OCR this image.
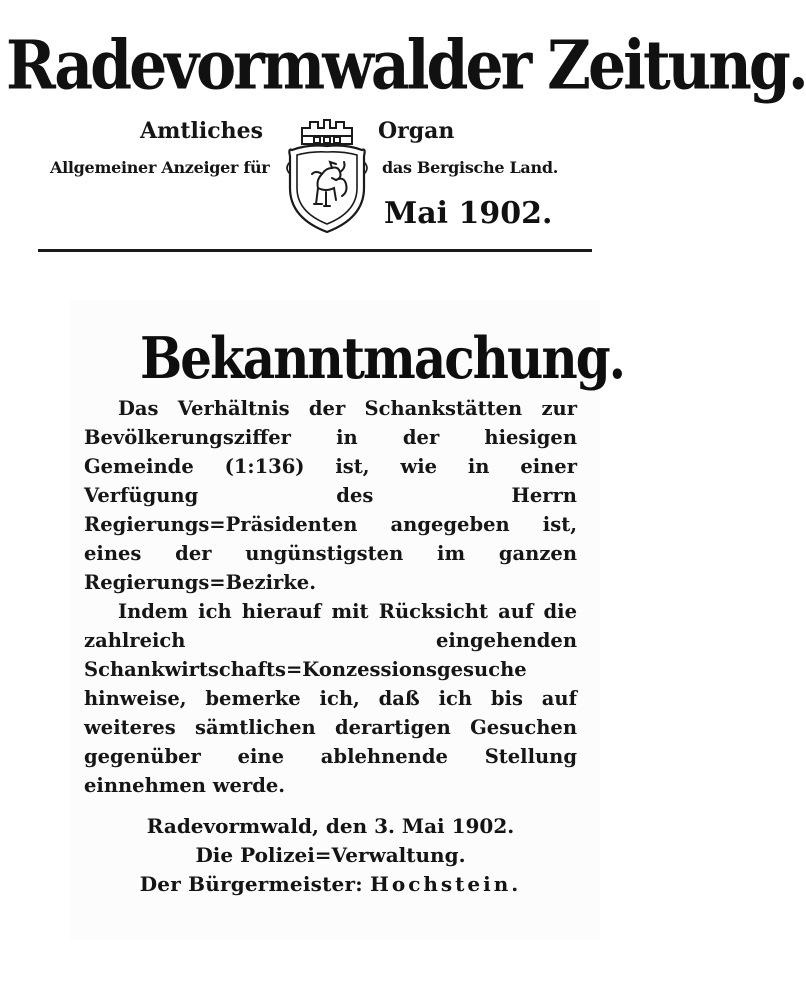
Radevormwalder Zeitung.
Amtliches	Organ
Allgemeiner Anzeiger für	das Bergische Land.
Mai 1902.
Bekanntmachung.

Das Verhältnis der Schankstätten zur Bevölkerungsziffer in der hiesigen Gemeinde (1:136) ist, wie in einer Verfügung des Herrn Regierungs=Präsidenten angegeben ist, eines der ungünstigsten im ganzen Regierungs=Bezirke.

Indem ich hierauf mit Rücksicht auf die zahlreich eingehenden Schankwirtschafts=Konzessionsgesuche hinweise, bemerke ich, daß ich bis auf weiteres sämtlichen derartigen Gesuchen gegenüber eine ablehnende Stellung einnehmen werde.

Radevormwald, den 3. Mai 1902.
Die Polizei=Verwaltung.
Der Bürgermeister: Hochstein.
